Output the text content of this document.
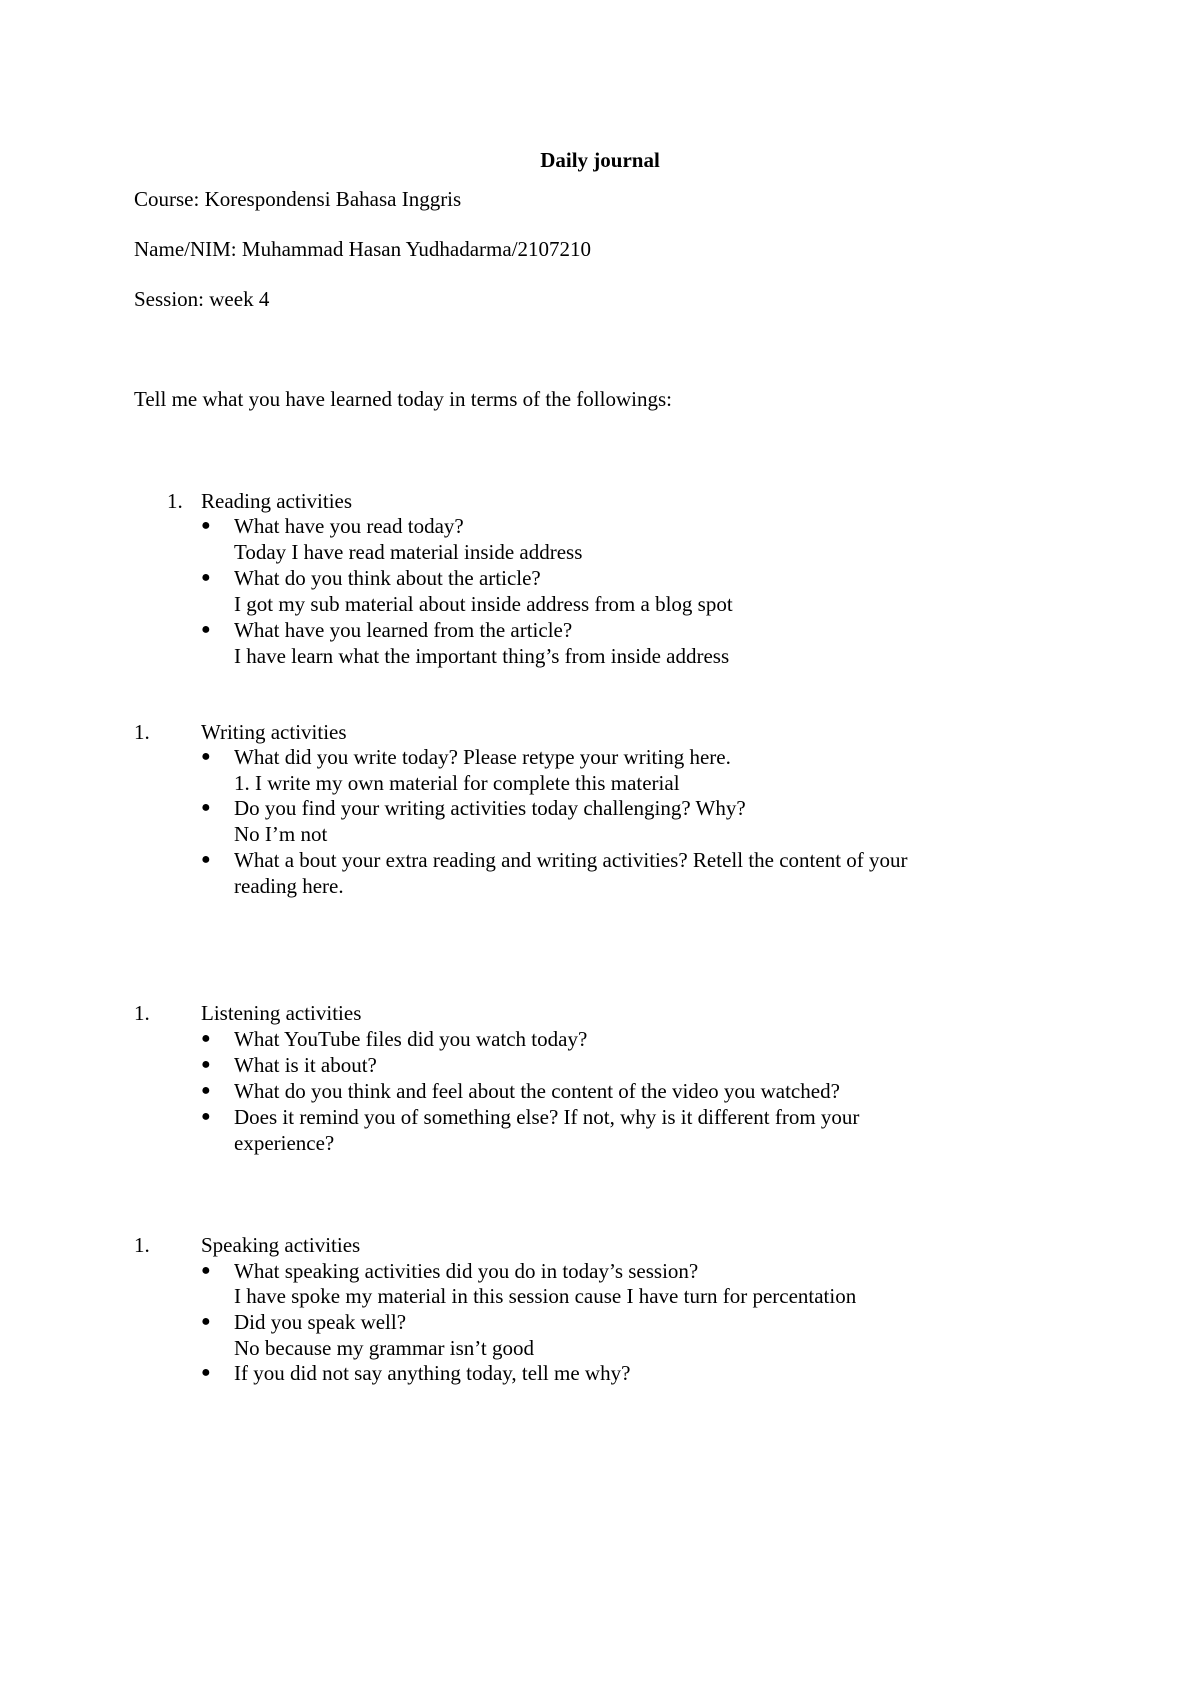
Daily journal

Course: Korespondensi Bahasa Inggris

Name/NIM: Muhammad Hasan Yudhadarma/2107210

Session: week 4

Tell me what you have learned today in terms of the followings:

1. Reading activities
● What have you read today?
Today I have read material inside address
● What do you think about the article?
I got my sub material about inside address from a blog spot
● What have you learned from the article?
I have learn what the important thing’s from inside address
1. Writing activities
● What did you write today? Please retype your writing here.
1. I write my own material for complete this material
● Do you find your writing activities today challenging? Why?
No I’m not
● What a bout your extra reading and writing activities? Retell the content of your
reading here.
1. Listening activities
● What YouTube files did you watch today?
● What is it about?
● What do you think and feel about the content of the video you watched?
● Does it remind you of something else? If not, why is it different from your
experience?
1. Speaking activities
● What speaking activities did you do in today’s session?
I have spoke my material in this session cause I have turn for percentation
● Did you speak well?
No because my grammar isn’t good
● If you did not say anything today, tell me why?
